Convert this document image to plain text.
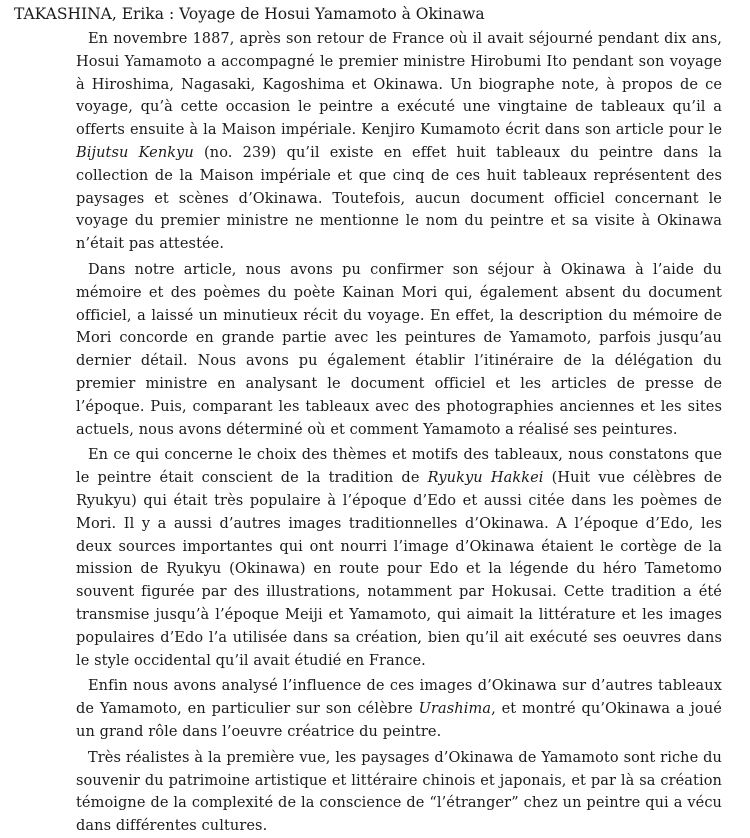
TAKASHINA, Erika : Voyage de Hosui Yamamoto à Okinawa

En novembre 1887, après son retour de France où il avait séjourné pendant dix ans, Hosui Yamamoto a accompagné le premier ministre Hirobumi Ito pendant son voyage à Hiroshima, Nagasaki, Kagoshima et Okinawa. Un biographe note, à propos de ce voyage, qu’à cette occasion le peintre a exécuté une vingtaine de tableaux qu’il a offerts ensuite à la Maison impériale. Kenjiro Kumamoto écrit dans son article pour le Bijutsu Kenkyu (no. 239) qu’il existe en effet huit tableaux du peintre dans la collection de la Maison impériale et que cinq de ces huit tableaux représentent des paysages et scènes d’Okinawa. Toutefois, aucun document officiel concernant le voyage du premier ministre ne mentionne le nom du peintre et sa visite à Okinawa n’était pas attestée.

Dans notre article, nous avons pu confirmer son séjour à Okinawa à l’aide du mémoire et des poèmes du poète Kainan Mori qui, également absent du document officiel, a laissé un minutieux récit du voyage. En effet, la description du mémoire de Mori concorde en grande partie avec les peintures de Yamamoto, parfois jusqu’au dernier détail. Nous avons pu également établir l’itinéraire de la délégation du premier ministre en analysant le document officiel et les articles de presse de l’époque. Puis, comparant les tableaux avec des photographies anciennes et les sites actuels, nous avons déterminé où et comment Yamamoto a réalisé ses peintures.

En ce qui concerne le choix des thèmes et motifs des tableaux, nous constatons que le peintre était conscient de la tradition de Ryukyu Hakkei (Huit vue célèbres de Ryukyu) qui était très populaire à l’époque d’Edo et aussi citée dans les poèmes de Mori. Il y a aussi d’autres images traditionnelles d’Okinawa. A l’époque d’Edo, les deux sources importantes qui ont nourri l’image d’Okinawa étaient le cortège de la mission de Ryukyu (Okinawa) en route pour Edo et la légende du héro Tametomo souvent figurée par des illustrations, notamment par Hokusai. Cette tradition a été transmise jusqu’à l’époque Meiji et Yamamoto, qui aimait la littérature et les images populaires d’Edo l’a utilisée dans sa création, bien qu’il ait exécuté ses oeuvres dans le style occidental qu’il avait étudié en France.

Enfin nous avons analysé l’influence de ces images d’Okinawa sur d’autres tableaux de Yamamoto, en particulier sur son célèbre Urashima, et montré qu’Okinawa a joué un grand rôle dans l’oeuvre créatrice du peintre.

Très réalistes à la première vue, les paysages d’Okinawa de Yamamoto sont riche du souvenir du patrimoine artistique et littéraire chinois et japonais, et par là sa création témoigne de la complexité de la conscience de “l’étranger” chez un peintre qui a vécu dans différentes cultures.
